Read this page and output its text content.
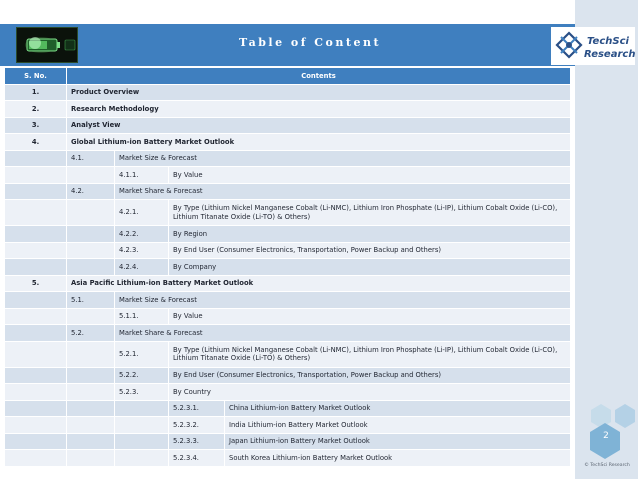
Table of Content	TechSci
Research
S. No.	Contents			
1.	Product Overview			
2.	Research Methodology			
3.	Analyst View			
4.	Global Lithium-ion Battery Market Outlook			
	4.1.	Market Size & Forecast		
		4.1.1.	By Value	
	4.2.	Market Share & Forecast		
		4.2.1.	By Type (Lithium Nickel Manganese Cobalt (Li-NMC), Lithium Iron Phosphate (Li-IP), Lithium Cobalt Oxide (Li-CO), Lithium Titanate Oxide (Li-TO) & Others)	
		4.2.2.	By Region	
		4.2.3.	By End User (Consumer Electronics, Transportation, Power Backup and Others)	
		4.2.4.	By Company	
5.	Asia Pacific Lithium-ion Battery Market Outlook			
	5.1.	Market Size & Forecast		
		5.1.1.	By Value	
	5.2.	Market Share & Forecast		
		5.2.1.	By Type (Lithium Nickel Manganese Cobalt (Li-NMC), Lithium Iron Phosphate (Li-IP), Lithium Cobalt Oxide (Li-CO), Lithium Titanate Oxide (Li-TO) & Others)	
		5.2.2.	By End User (Consumer Electronics, Transportation, Power Backup and Others)	
		5.2.3.	By Country	
			5.2.3.1.	China Lithium-ion Battery Market Outlook
			5.2.3.2.	India Lithium-ion Battery Market Outlook
			5.2.3.3.	Japan Lithium-ion Battery Market Outlook
			5.2.3.4.	South Korea Lithium-ion Battery Market Outlook
2
© TechSci Research
